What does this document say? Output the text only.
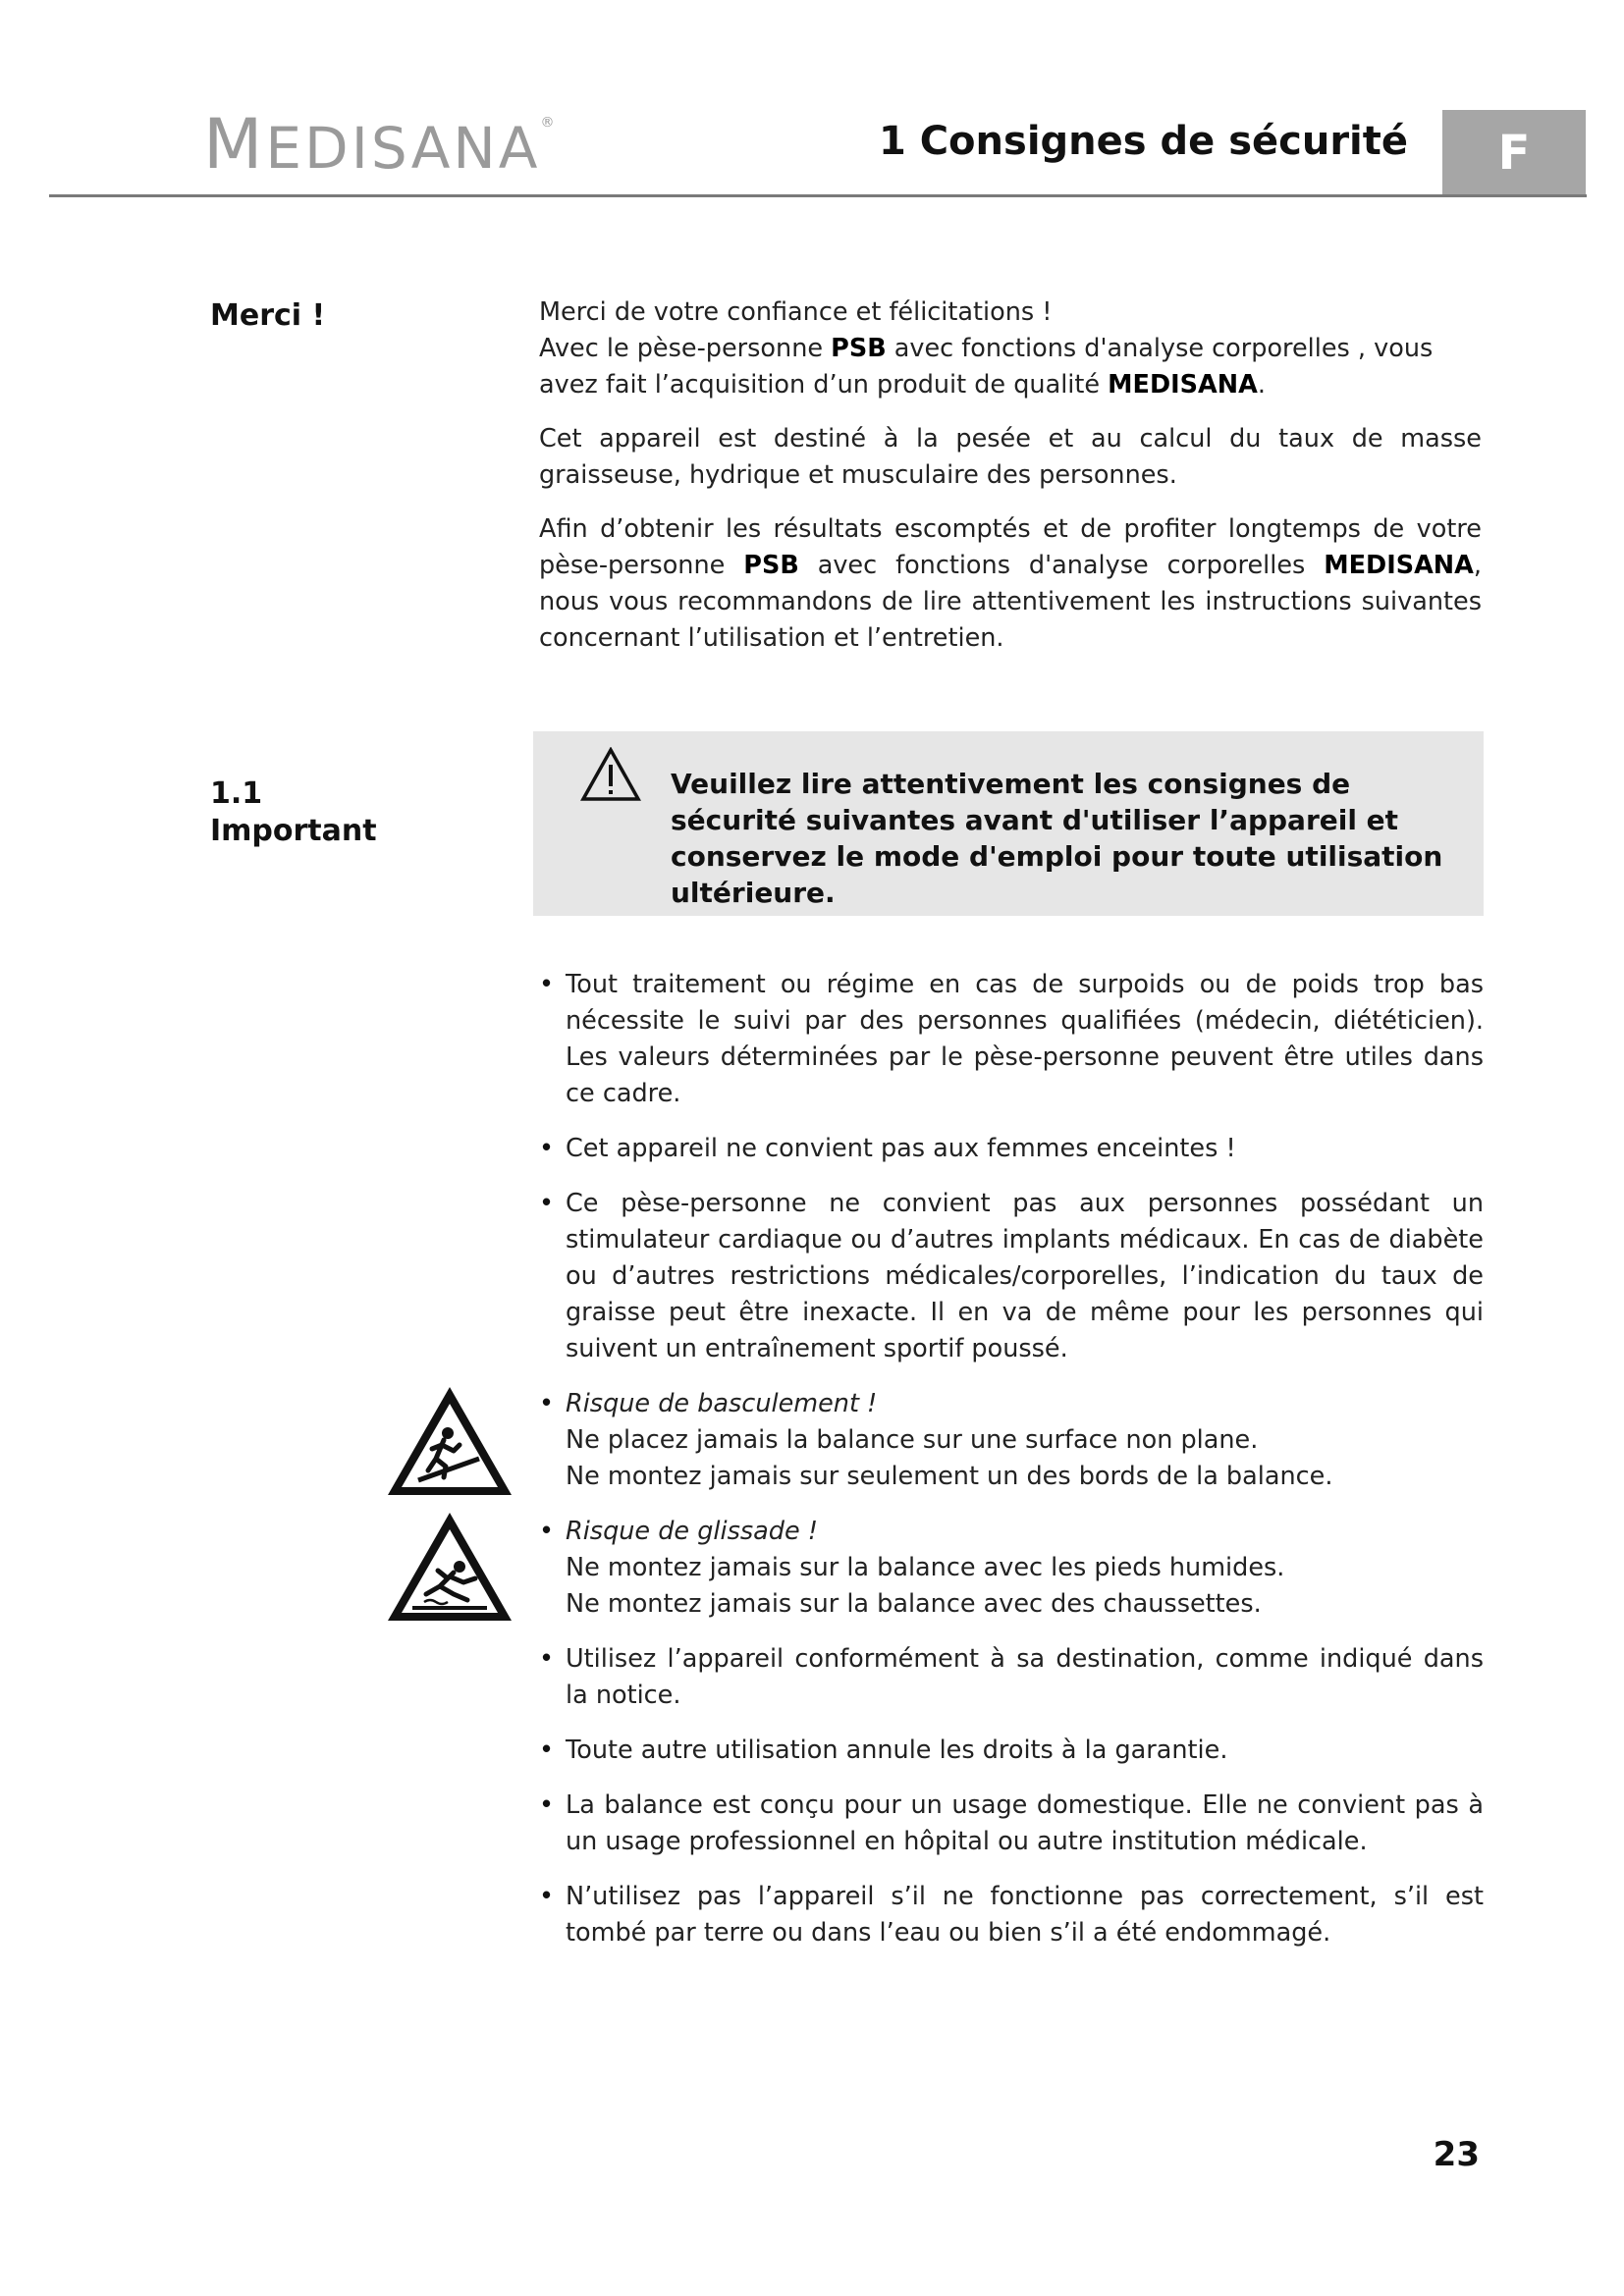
MEDISANA®	1 Consignes de sécurité	F
Merci !	Merci de votre confiance et félicitations !
Avec le pèse-personne PSB avec fonctions d'analyse corporelles , vous avez fait l’acquisition d’un produit de qualité MEDISANA.

Cet appareil est destiné à la pesée et au calcul du taux de masse graisseuse, hydrique et musculaire des personnes.

Afin d’obtenir les résultats escomptés et de profiter longtemps de votre pèse-personne PSB avec fonctions d'analyse corporelles MEDISANA, nous vous recommandons de lire attentivement les instructions suivantes concernant l’utilisation et l’entretien.

1.1
Important
Veuillez lire attentivement les consignes de sécurité suivantes avant d'utiliser l’appareil et conservez le mode d'emploi pour toute utilisation ultérieure.
• Tout traitement ou régime en cas de surpoids ou de poids trop bas nécessite le suivi par des personnes qualifiées (médecin, diététicien). Les valeurs déterminées par le pèse-personne peuvent être utiles dans ce cadre.
• Cet appareil ne convient pas aux femmes enceintes !
• Ce pèse-personne ne convient pas aux personnes possédant un stimulateur cardiaque ou d’autres implants médicaux. En cas de diabète ou d’autres restrictions médicales/corporelles, l’indication du taux de graisse peut être inexacte. Il en va de même pour les personnes qui suivent un entraînement sportif poussé.
• Risque de basculement !
Ne placez jamais la balance sur une surface non plane.
Ne montez jamais sur seulement un des bords de la balance.
• Risque de glissade !
Ne montez jamais sur la balance avec les pieds humides.
Ne montez jamais sur la balance avec des chaussettes.
• Utilisez l’appareil conformément à sa destination, comme indiqué dans la notice.
• Toute autre utilisation annule les droits à la garantie.
• La balance est conçu pour un usage domestique. Elle ne convient pas à un usage professionnel en hôpital ou autre institution médicale.
• N’utilisez pas l’appareil s’il ne fonctionne pas correctement, s’il est tombé par terre ou dans l’eau ou bien s’il a été endommagé.
23
